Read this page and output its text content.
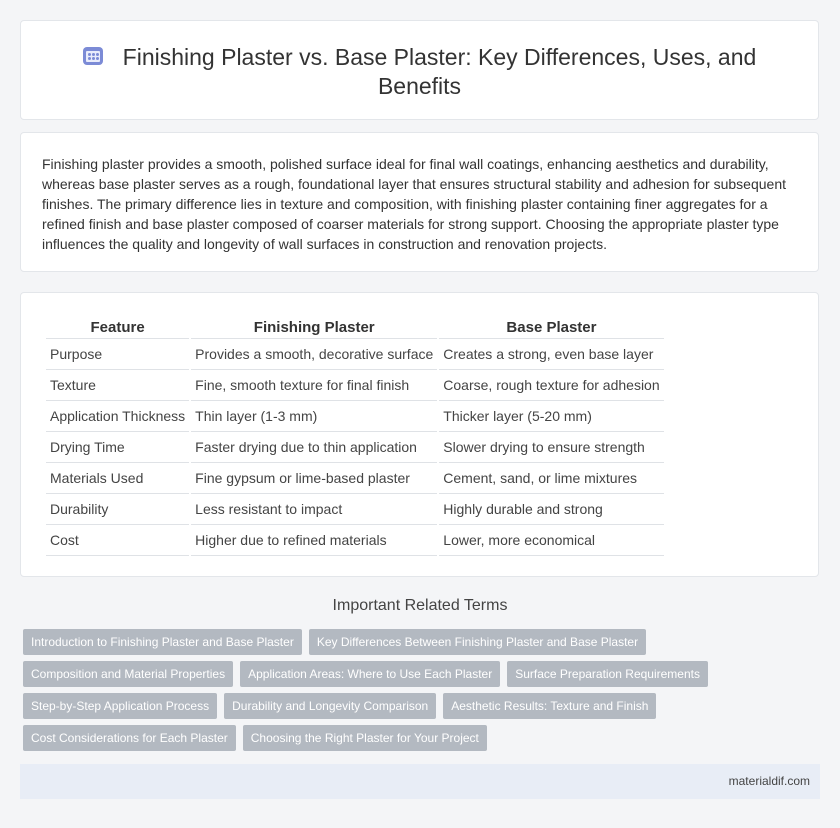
Finishing Plaster vs. Base Plaster: Key Differences, Uses, and Benefits

Finishing plaster provides a smooth, polished surface ideal for final wall coatings, enhancing aesthetics and durability, whereas base plaster serves as a rough, foundational layer that ensures structural stability and adhesion for subsequent finishes. The primary difference lies in texture and composition, with finishing plaster containing finer aggregates for a refined finish and base plaster composed of coarser materials for strong support. Choosing the appropriate plaster type influences the quality and longevity of wall surfaces in construction and renovation projects.

Feature	Finishing Plaster	Base Plaster
Purpose	Provides a smooth, decorative surface	Creates a strong, even base layer
Texture	Fine, smooth texture for final finish	Coarse, rough texture for adhesion
Application Thickness	Thin layer (1-3 mm)	Thicker layer (5-20 mm)
Drying Time	Faster drying due to thin application	Slower drying to ensure strength
Materials Used	Fine gypsum or lime-based plaster	Cement, sand, or lime mixtures
Durability	Less resistant to impact	Highly durable and strong
Cost	Higher due to refined materials	Lower, more economical
Important Related Terms
Introduction to Finishing Plaster and Base Plaster	Key Differences Between Finishing Plaster and Base Plaster
Composition and Material Properties	Application Areas: Where to Use Each Plaster	Surface Preparation Requirements
Step-by-Step Application Process	Durability and Longevity Comparison	Aesthetic Results: Texture and Finish
Cost Considerations for Each Plaster	Choosing the Right Plaster for Your Project
materialdif.com
